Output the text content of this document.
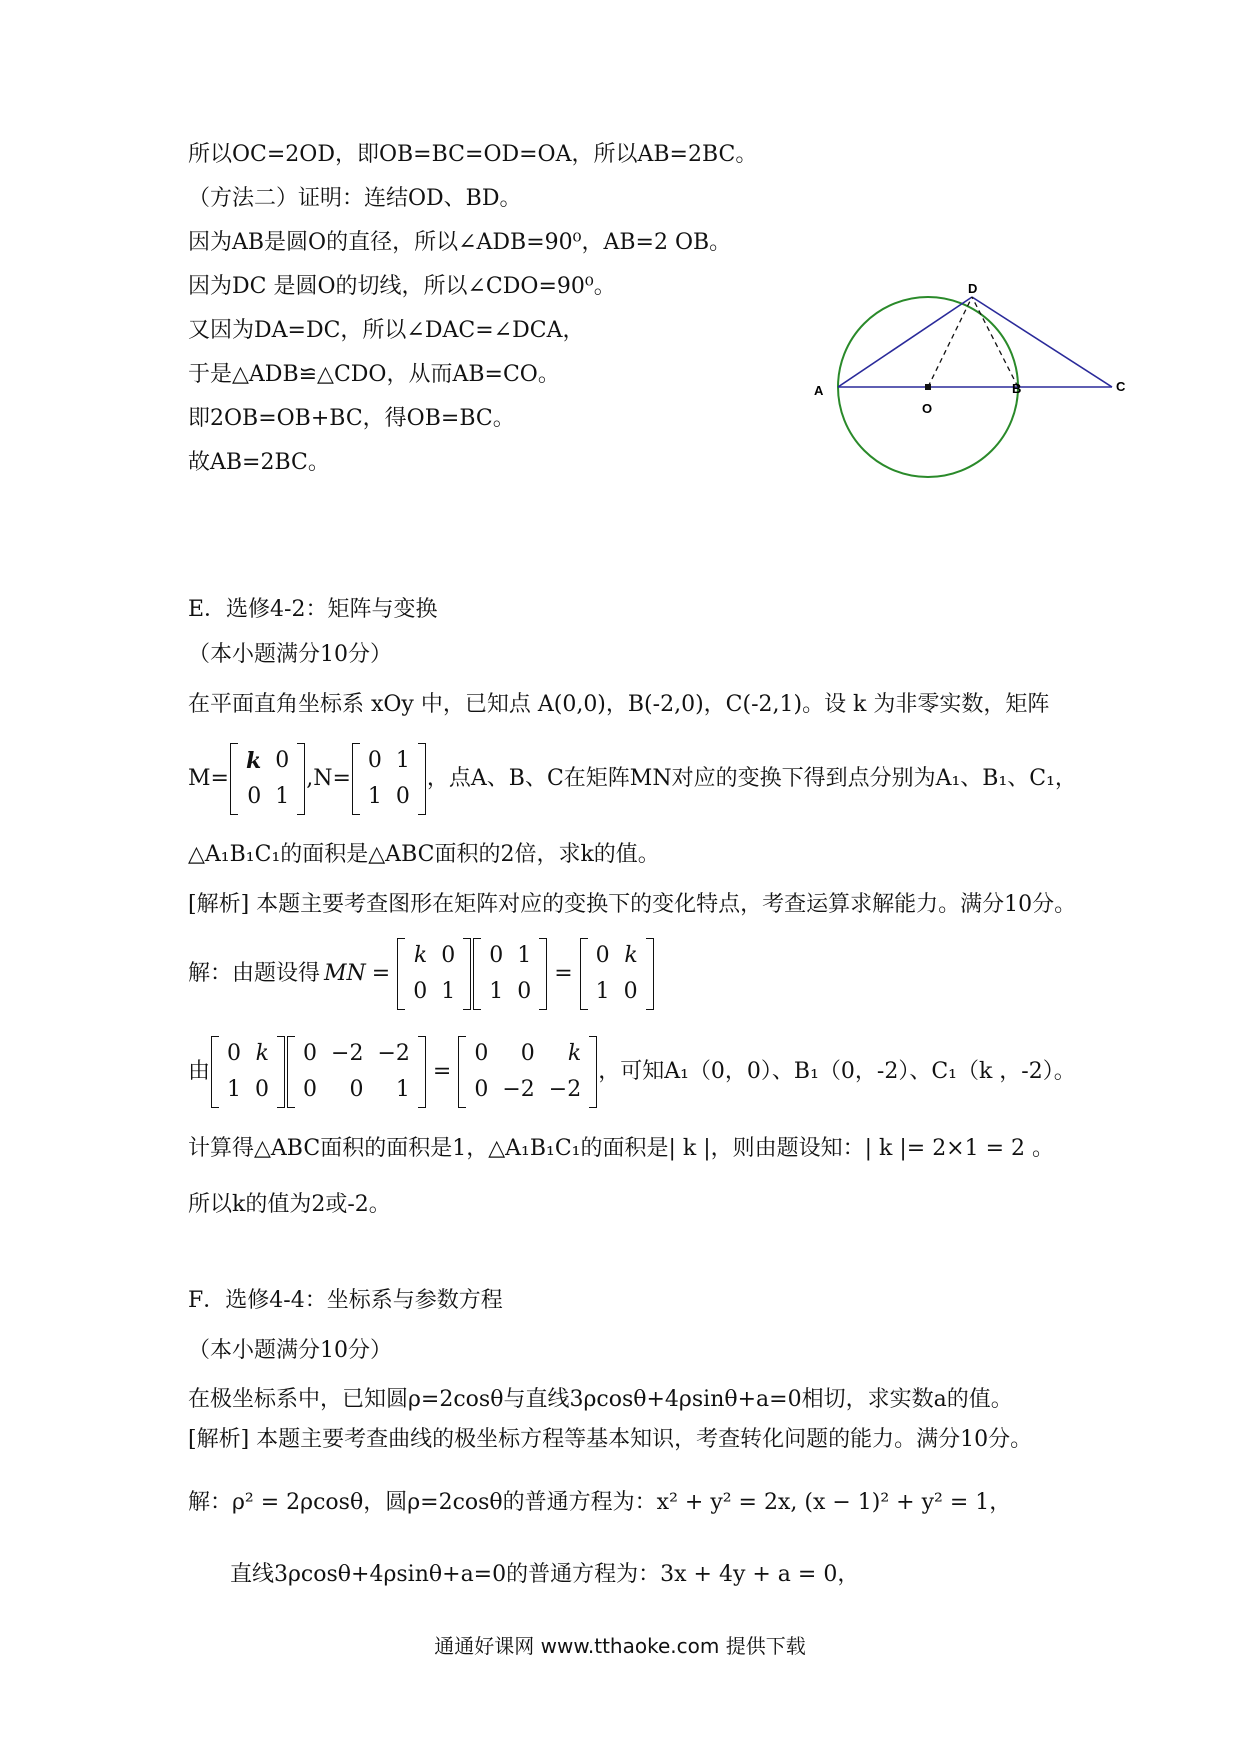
所以OC=2OD，即OB=BC=OD=OA，所以AB=2BC。
（方法二）证明：连结OD、BD。
因为AB是圆O的直径，所以∠ADB=90⁰，AB=2 OB。
因为DC 是圆O的切线，所以∠CDO=90⁰。
又因为DA=DC，所以∠DAC=∠DCA，
于是△ADB≌△CDO，从而AB=CO。
即2OB=OB+BC，得OB=BC。
故AB=2BC。
A
D
B	C
O
E．选修4-2：矩阵与变换
（本小题满分10分）
在平面直角坐标系 xOy 中，已知点 A(0,0)，B(-2,0)，C(-2,1)。设 k 为非零实数，矩阵
M=
k 0
0 1
,N=
0 1
1 0
，点A、B、C在矩阵MN对应的变换下得到点分别为A₁、B₁、C₁，
△A₁B₁C₁的面积是△ABC面积的2倍，求k的值。
[解析] 本题主要考查图形在矩阵对应的变换下的变化特点，考查运算求解能力。满分10分。
解：由题设得 MN =
k 0
0 1
0 1
1 0
=
0 k
1 0
由
0 k
1 0
0 −2 −2
0	0	1
=
0	0	k
0 −2 −2
，可知A₁（0，0）、B₁（0，-2）、C₁（k ，-2）。
计算得△ABC面积的面积是1，△A₁B₁C₁的面积是| k |，则由题设知：| k |= 2×1 = 2 。
所以k的值为2或-2。
F．选修4-4：坐标系与参数方程
（本小题满分10分）
在极坐标系中，已知圆ρ=2cosθ与直线3ρcosθ+4ρsinθ+a=0相切，求实数a的值。
[解析] 本题主要考查曲线的极坐标方程等基本知识，考查转化问题的能力。满分10分。
解：ρ² = 2ρcosθ，圆ρ=2cosθ的普通方程为：x² + y² = 2x, (x − 1)² + y² = 1，
直线3ρcosθ+4ρsinθ+a=0的普通方程为：3x + 4y + a = 0，
通通好课网 www.tthaoke.com 提供下载
